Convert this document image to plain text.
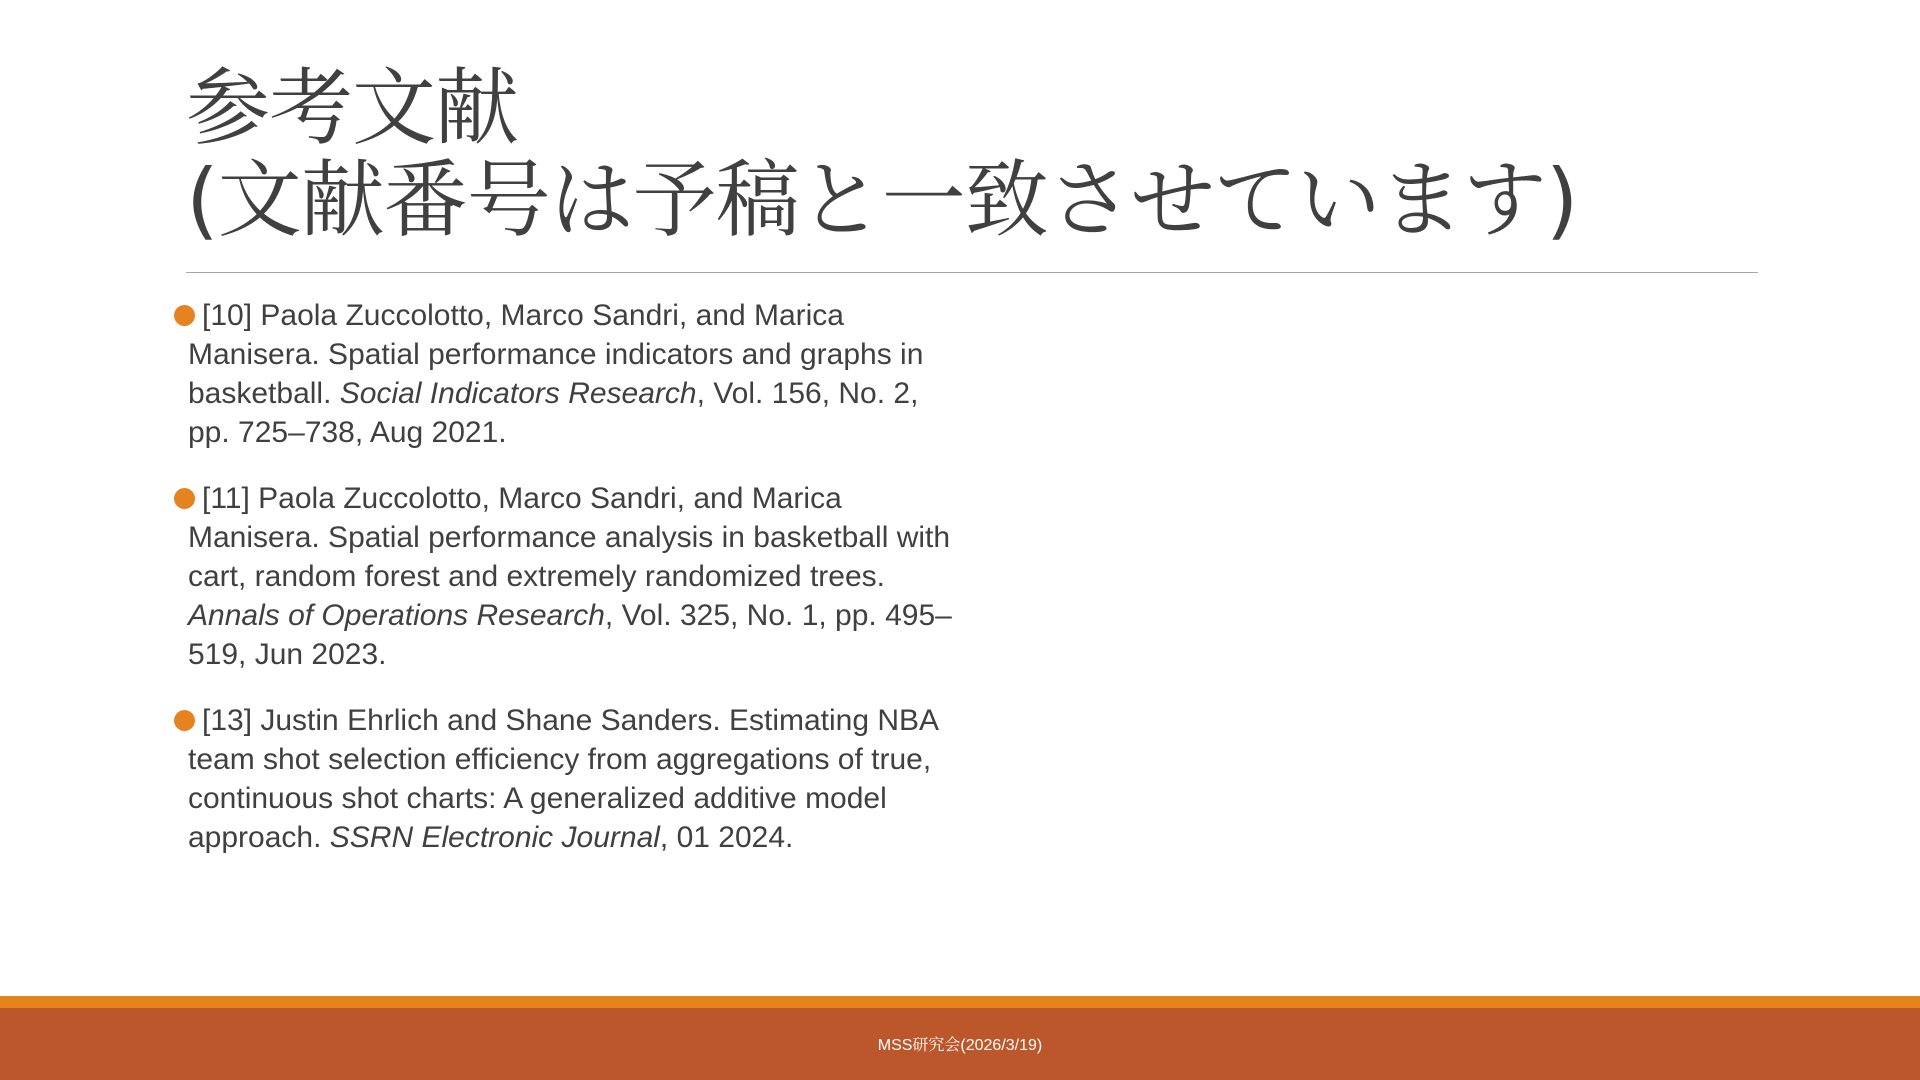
参考文献
(文献番号は予稿と一致させています)
[10] Paola Zuccolotto, Marco Sandri, and Marica Manisera. Spatial performance indicators and graphs in basketball. Social Indicators Research, Vol. 156, No. 2, pp. 725–738, Aug 2021.
[11] Paola Zuccolotto, Marco Sandri, and Marica Manisera. Spatial performance analysis in basketball with cart, random forest and extremely randomized trees. Annals of Operations Research, Vol. 325, No. 1, pp. 495–519, Jun 2023.
[13] Justin Ehrlich and Shane Sanders. Estimating NBA team shot selection efficiency from aggregations of true, continuous shot charts: A generalized additive model approach. SSRN Electronic Journal, 01 2024.
MSS研究会(2026/3/19)
